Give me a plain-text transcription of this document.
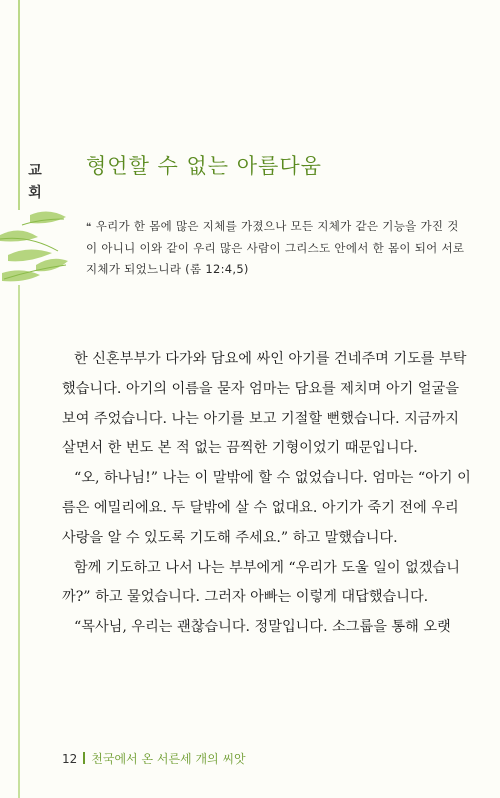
교
회
형언할 수 없는 아름다움
❝ 우리가 한 몸에 많은 지체를 가졌으나 모든 지체가 같은 기능을 가진 것이 아니니 이와 같이 우리 많은 사람이 그리스도 안에서 한 몸이 되어 서로 지체가 되었느니라 (롬 12:4,5)

한 신혼부부가 다가와 담요에 싸인 아기를 건네주며 기도를 부탁했습니다. 아기의 이름을 묻자 엄마는 담요를 제치며 아기 얼굴을 보여 주었습니다. 나는 아기를 보고 기절할 뻔했습니다. 지금까지 살면서 한 번도 본 적 없는 끔찍한 기형이었기 때문입니다.

“오, 하나님!” 나는 이 말밖에 할 수 없었습니다. 엄마는 “아기 이름은 에밀리에요. 두 달밖에 살 수 없대요. 아기가 죽기 전에 우리 사랑을 알 수 있도록 기도해 주세요.” 하고 말했습니다.

함께 기도하고 나서 나는 부부에게 “우리가 도울 일이 없겠습니까?” 하고 물었습니다. 그러자 아빠는 이렇게 대답했습니다.

“목사님, 우리는 괜찮습니다. 정말입니다. 소그룹을 통해 오랫

12 천국에서 온 서른세 개의 씨앗
